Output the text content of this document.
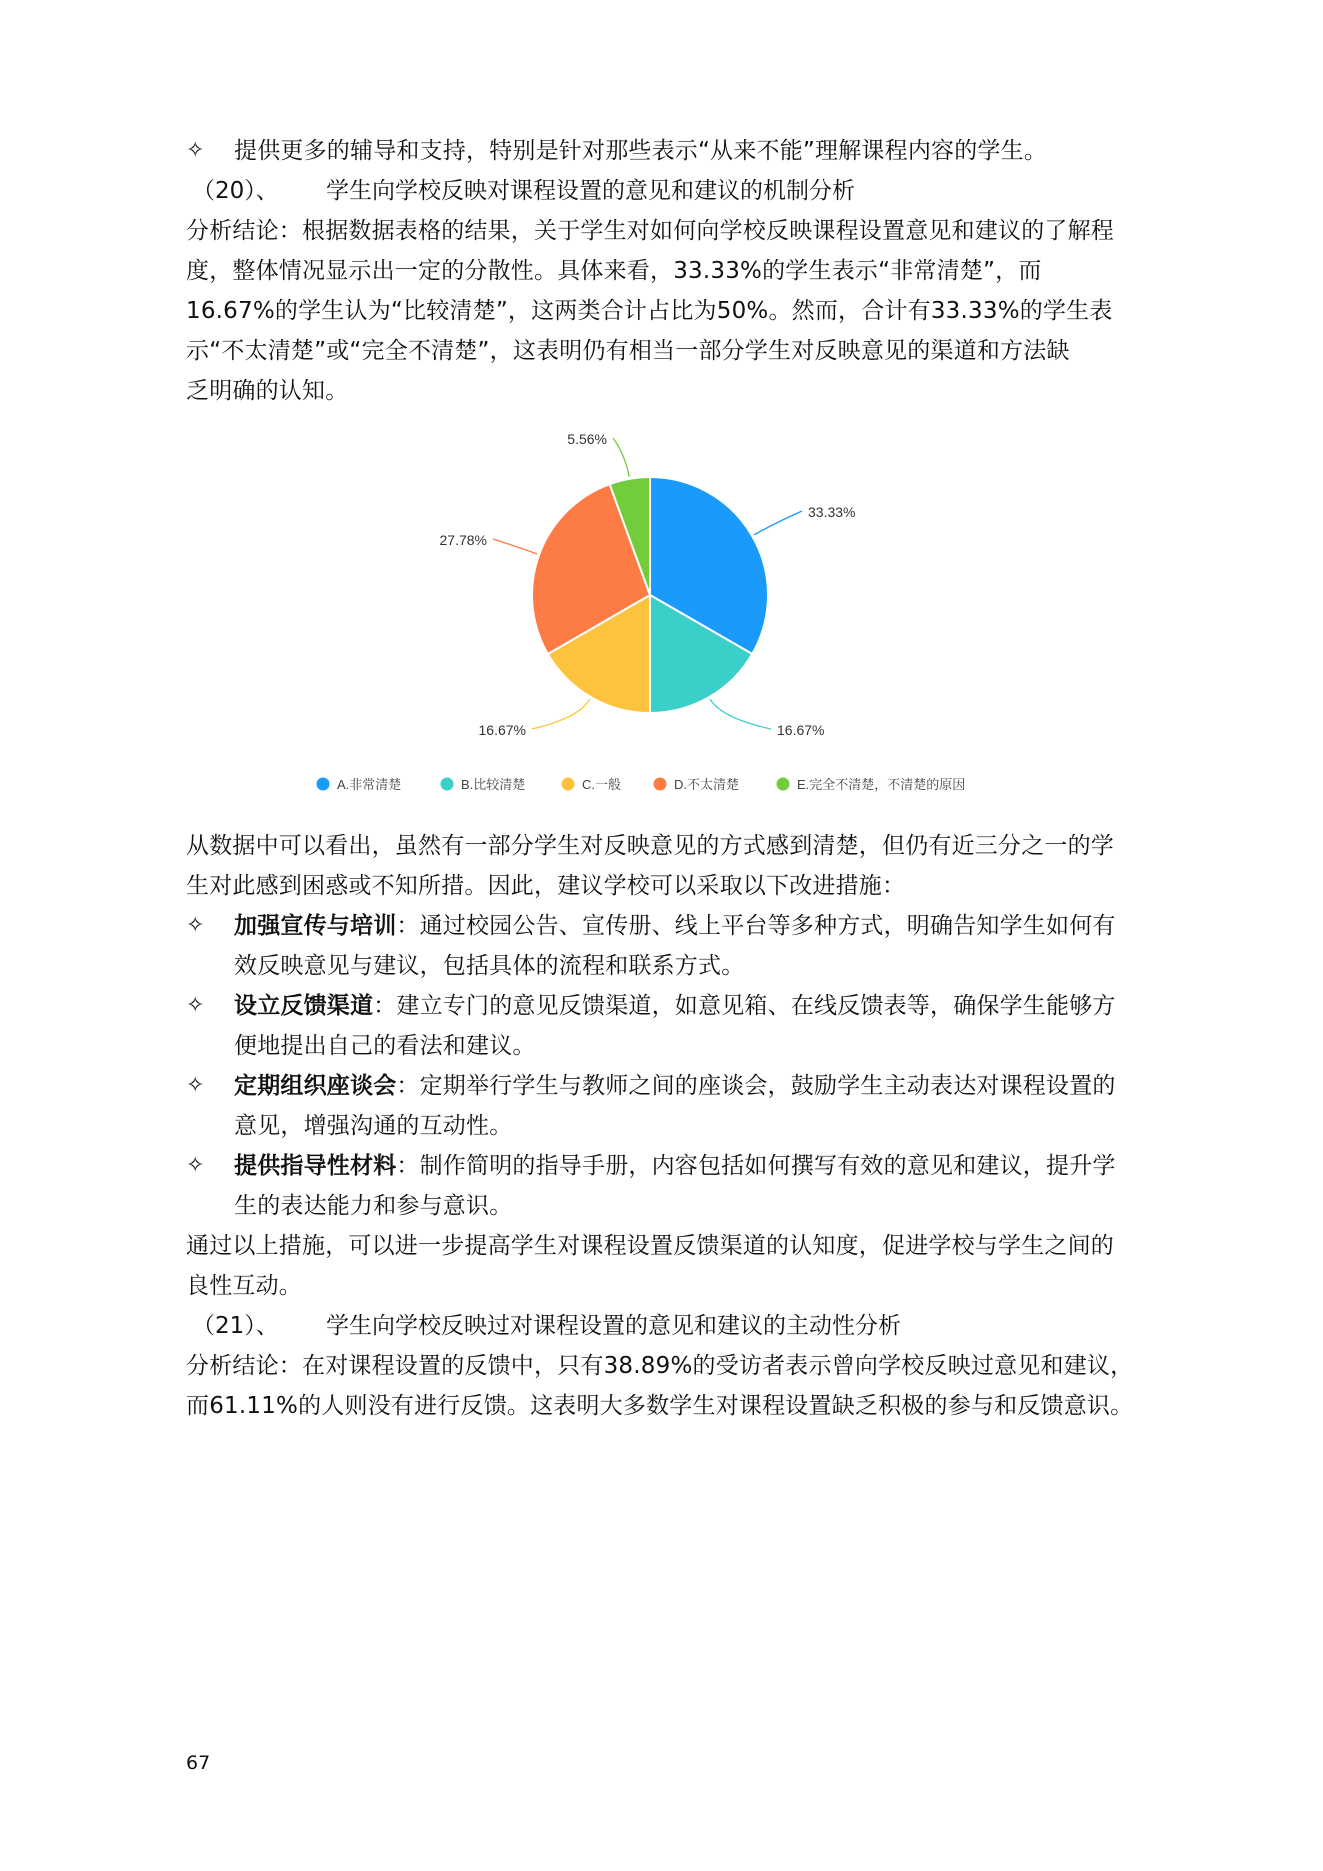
✧ 提供更多的辅导和支持，特别是针对那些表示“从来不能”理解课程内容的学生。
（20）、 学生向学校反映对课程设置的意见和建议的机制分析
分析结论：根据数据表格的结果，关于学生对如何向学校反映课程设置意见和建议的了解程
度，整体情况显示出一定的分散性。具体来看，33.33%的学生表示“非常清楚”，而
16.67%的学生认为“比较清楚”，这两类合计占比为50%。然而，合计有33.33%的学生表
示“不太清楚”或“完全不清楚”，这表明仍有相当一部分学生对反映意见的渠道和方法缺
乏明确的认知。
33.33%
16.67%
16.67%
27.78%
5.56%
A.非常清楚	B.比较清楚	C.一般	D.不太清楚	E.完全不清楚，不清楚的原因
从数据中可以看出，虽然有一部分学生对反映意见的方式感到清楚，但仍有近三分之一的学
生对此感到困惑或不知所措。因此，建议学校可以采取以下改进措施：
✧ 加强宣传与培训：通过校园公告、宣传册、线上平台等多种方式，明确告知学生如何有
效反映意见与建议，包括具体的流程和联系方式。
✧ 设立反馈渠道：建立专门的意见反馈渠道，如意见箱、在线反馈表等，确保学生能够方
便地提出自己的看法和建议。
✧ 定期组织座谈会：定期举行学生与教师之间的座谈会，鼓励学生主动表达对课程设置的
意见，增强沟通的互动性。
✧ 提供指导性材料：制作简明的指导手册，内容包括如何撰写有效的意见和建议，提升学
生的表达能力和参与意识。
通过以上措施，可以进一步提高学生对课程设置反馈渠道的认知度，促进学校与学生之间的
良性互动。
（21）、 学生向学校反映过对课程设置的意见和建议的主动性分析
分析结论：在对课程设置的反馈中，只有38.89%的受访者表示曾向学校反映过意见和建议，
而61.11%的人则没有进行反馈。这表明大多数学生对课程设置缺乏积极的参与和反馈意识。
67
